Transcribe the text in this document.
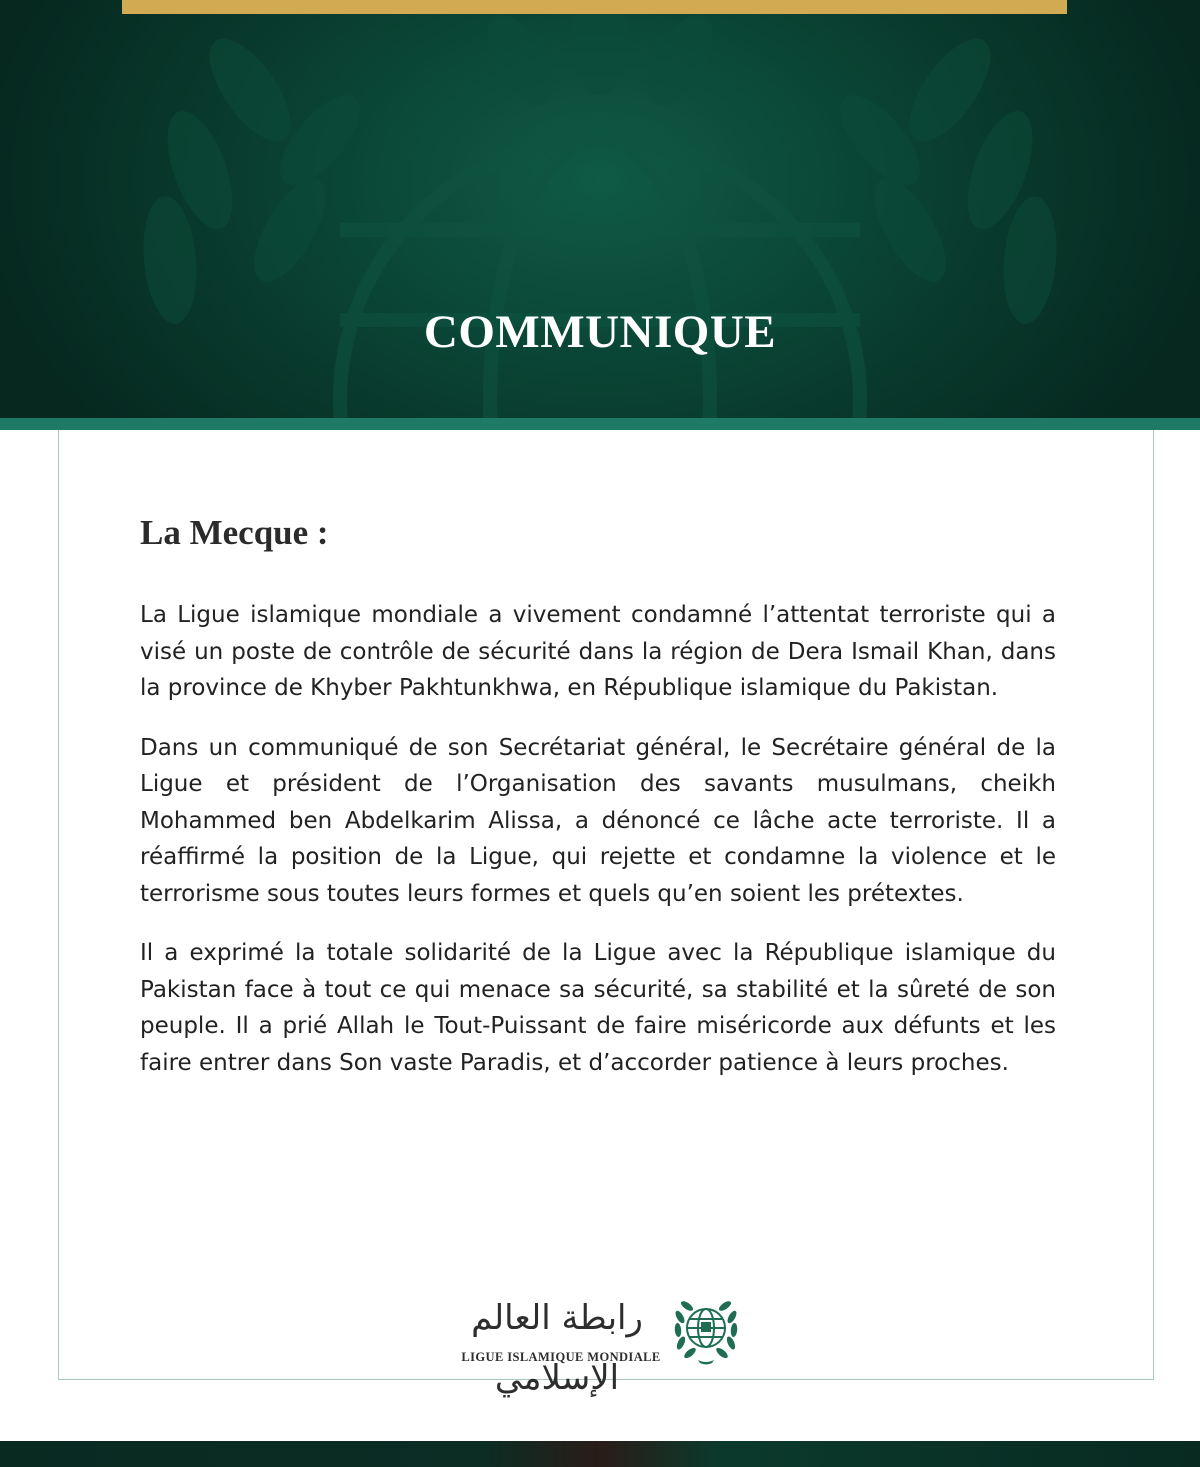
COMMUNIQUE
La Mecque :

La Ligue islamique mondiale a vivement condamné l’attentat terroriste qui a visé un poste de contrôle de sécurité dans la région de Dera Ismail Khan, dans la province de Khyber Pakhtunkhwa, en République islamique du Pakistan.

Dans un communiqué de son Secrétariat général, le Secrétaire général de la Ligue et président de l’Organisation des savants musulmans, cheikh Mohammed ben Abdelkarim Alissa, a dénoncé ce lâche acte terroriste. Il a réaffirmé la position de la Ligue, qui rejette et condamne la violence et le terrorisme sous toutes leurs formes et quels qu’en soient les prétextes.

Il a exprimé la totale solidarité de la Ligue avec la République islamique du Pakistan face à tout ce qui menace sa sécurité, sa stabilité et la sûreté de son peuple. Il a prié Allah le Tout-Puissant de faire miséricorde aux défunts et les faire entrer dans Son vaste Paradis, et d’accorder patience à leurs proches.

رابطة العالم الإسلامي
LIGUE ISLAMIQUE MONDIALE
